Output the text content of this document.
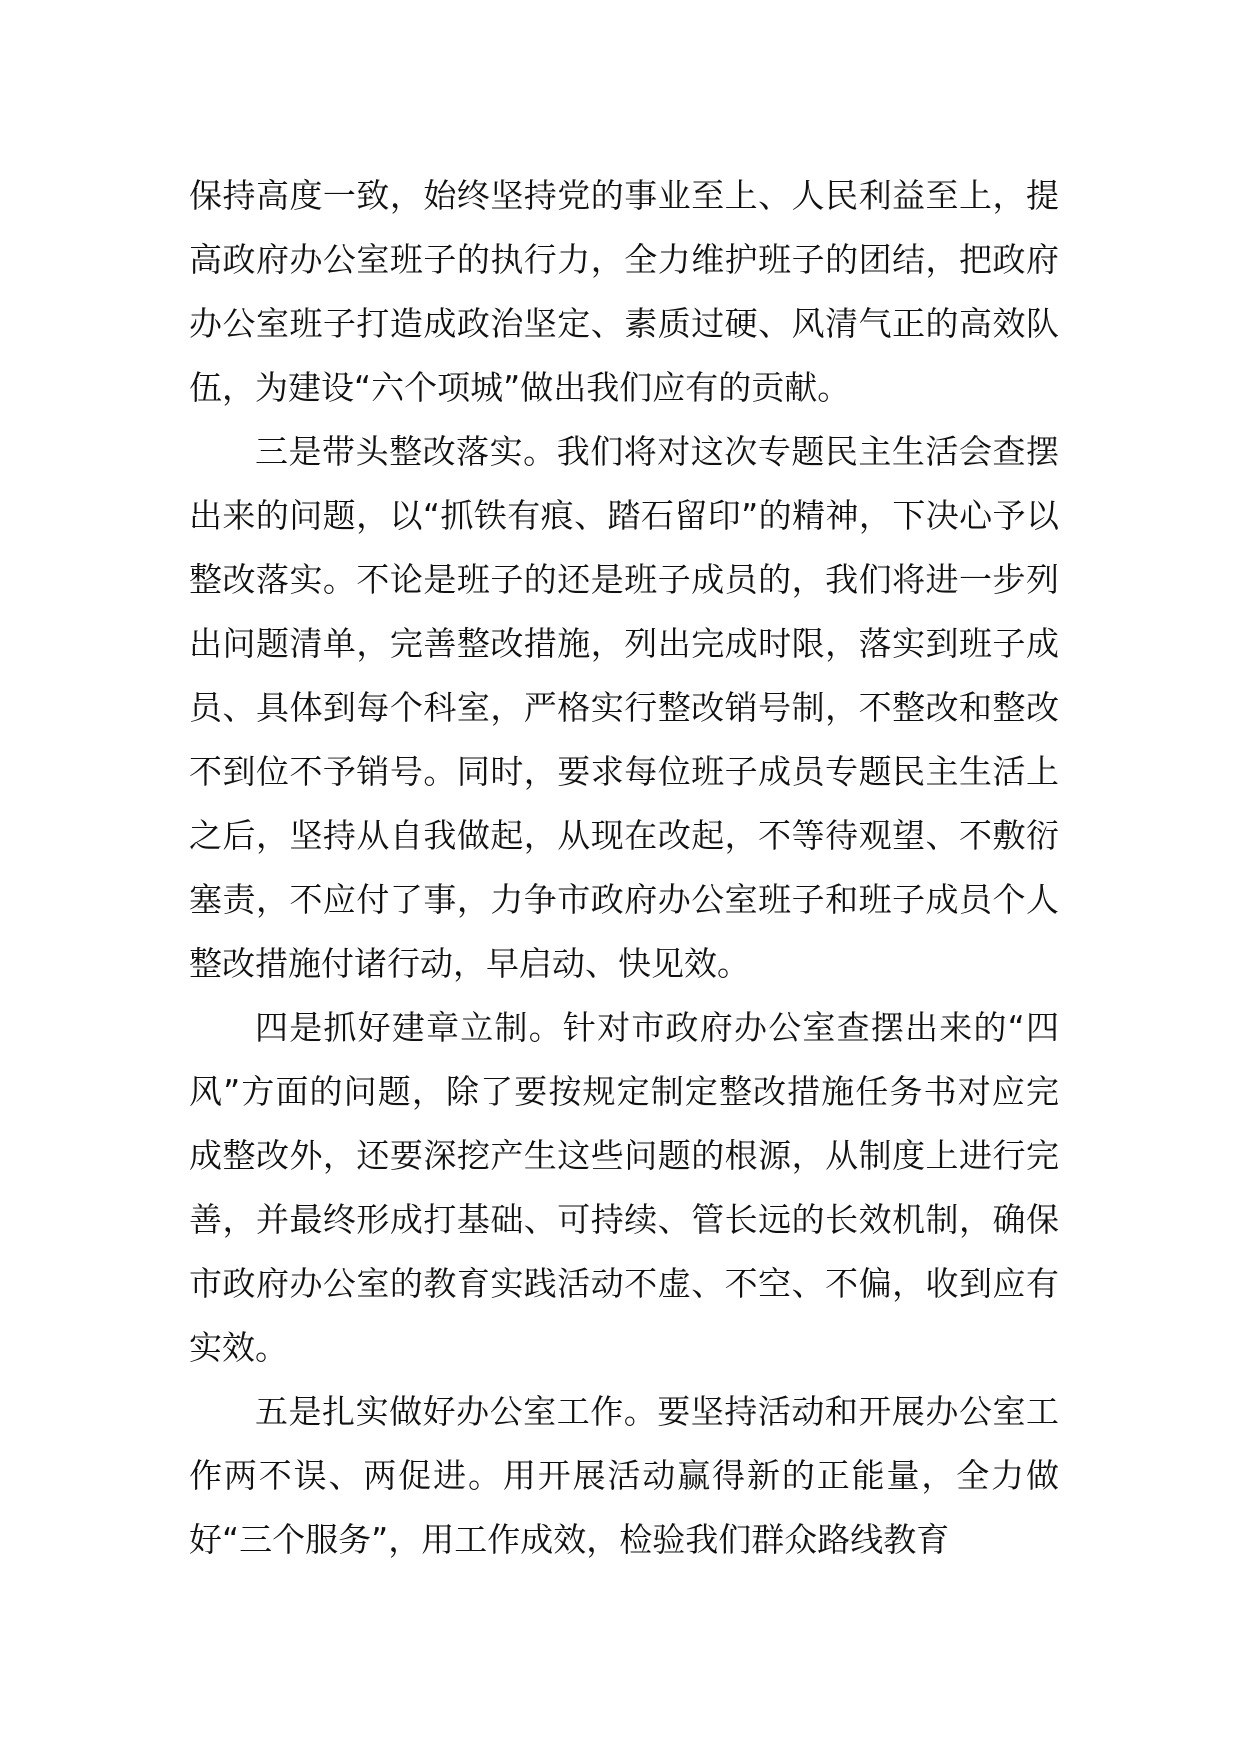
保持高度一致，始终坚持党的事业至上、人民利益至上，提高政府办公室班子的执行力，全力维护班子的团结，把政府办公室班子打造成政治坚定、素质过硬、风清气正的高效队伍，为建设“六个项城”做出我们应有的贡献。

三是带头整改落实。我们将对这次专题民主生活会查摆出来的问题，以“抓铁有痕、踏石留印”的精神，下决心予以整改落实。不论是班子的还是班子成员的，我们将进一步列出问题清单，完善整改措施，列出完成时限，落实到班子成员、具体到每个科室，严格实行整改销号制，不整改和整改不到位不予销号。同时，要求每位班子成员专题民主生活上之后，坚持从自我做起，从现在改起，不等待观望、不敷衍塞责，不应付了事，力争市政府办公室班子和班子成员个人整改措施付诸行动，早启动、快见效。

四是抓好建章立制。针对市政府办公室查摆出来的“四风”方面的问题，除了要按规定制定整改措施任务书对应完成整改外，还要深挖产生这些问题的根源，从制度上进行完善，并最终形成打基础、可持续、管长远的长效机制，确保市政府办公室的教育实践活动不虚、不空、不偏，收到应有实效。

五是扎实做好办公室工作。要坚持活动和开展办公室工作两不误、两促进。用开展活动赢得新的正能量，全力做好“三个服务”，用工作成效，检验我们群众路线教育
